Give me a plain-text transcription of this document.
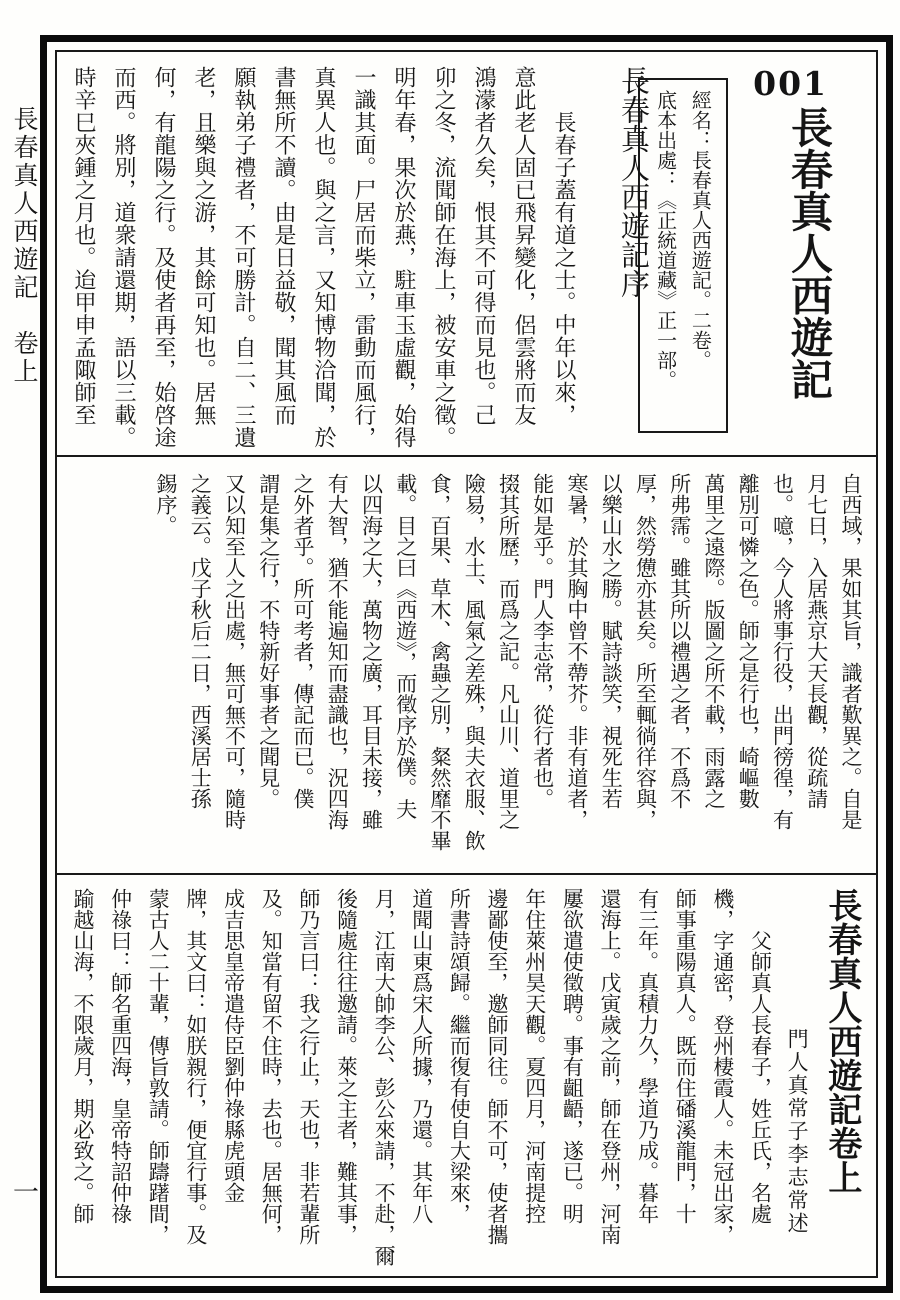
長春真人西遊記　卷上
一
001
長春真人西遊記
經名：長春真人西遊記。二卷。
底本出處：《正統道藏》正一部。
長春真人西遊記序
長春子蓋有道之士。中年以來，
意此老人固已飛昇變化，侶雲將而友
鴻濛者久矣，恨其不可得而見也。己
卯之冬，流聞師在海上，被安車之徵。
明年春，果次於燕，駐車玉虛觀，始得
一識其面。尸居而柴立，雷動而風行，
真異人也。與之言，又知博物洽聞，於
書無所不讀。由是日益敬，聞其風而
願執弟子禮者，不可勝計。自二、三遺
老，且樂與之游，其餘可知也。居無
何，有龍陽之行。及使者再至，始啓途
而西。將別，道衆請還期，語以三載。
時辛巳夾鍾之月也。迨甲申孟陬師至
自西域，果如其旨，識者歎異之。自是
月七日，入居燕京大天長觀，從疏請
也。噫，今人將事行役，出門徬徨，有
離別可憐之色。師之是行也，崎嶇數
萬里之遠際。版圖之所不載，雨露之
所弗霈。雖其所以禮遇之者，不爲不
厚，然勞憊亦甚矣。所至輒徜徉容與，
以樂山水之勝。賦詩談笑，視死生若
寒暑，於其胸中曾不蔕芥。非有道者，
能如是乎。門人李志常，從行者也。
掇其所歷，而爲之記。凡山川、道里之
險易，水土、風氣之差殊，與夫衣服、飲
食，百果、草木、禽蟲之別，粲然靡不畢
載。目之曰《西遊》，而徵序於僕。夫
以四海之大，萬物之廣，耳目未接，雖
有大智，猶不能遍知而盡識也，況四海
之外者乎。所可考者，傳記而已。僕
謂是集之行，不特新好事者之聞見。
又以知至人之出處，無可無不可，隨時
之義云。戊子秋后二日，西溪居士孫
錫序。
長春真人西遊記卷上
門人真常子李志常述
父師真人長春子，姓丘氏，名處
機，字通密，登州棲霞人。未冠出家，
師事重陽真人。既而住磻溪龍門，十
有三年。真積力久，學道乃成。暮年
還海上。戊寅歲之前，師在登州，河南
屢欲遣使徵聘。事有齟齬，遂已。明
年住萊州昊天觀。夏四月，河南提控
邊鄙使至，邀師同往。師不可，使者攜
所書詩頌歸。繼而復有使自大梁來，
道聞山東爲宋人所據，乃還。其年八
月，江南大帥李公、彭公來請，不赴，爾
後隨處往往邀請。萊之主者，難其事，
師乃言曰：我之行止，天也，非若輩所
及。知當有留不住時，去也。居無何，
成吉思皇帝遣侍臣劉仲祿縣虎頭金
牌，其文曰：如朕親行，便宜行事。及
蒙古人二十輩，傳旨敦請。師躊躇間，
仲祿曰：師名重四海，皇帝特詔仲祿
踰越山海，不限歲月，期必致之。師
